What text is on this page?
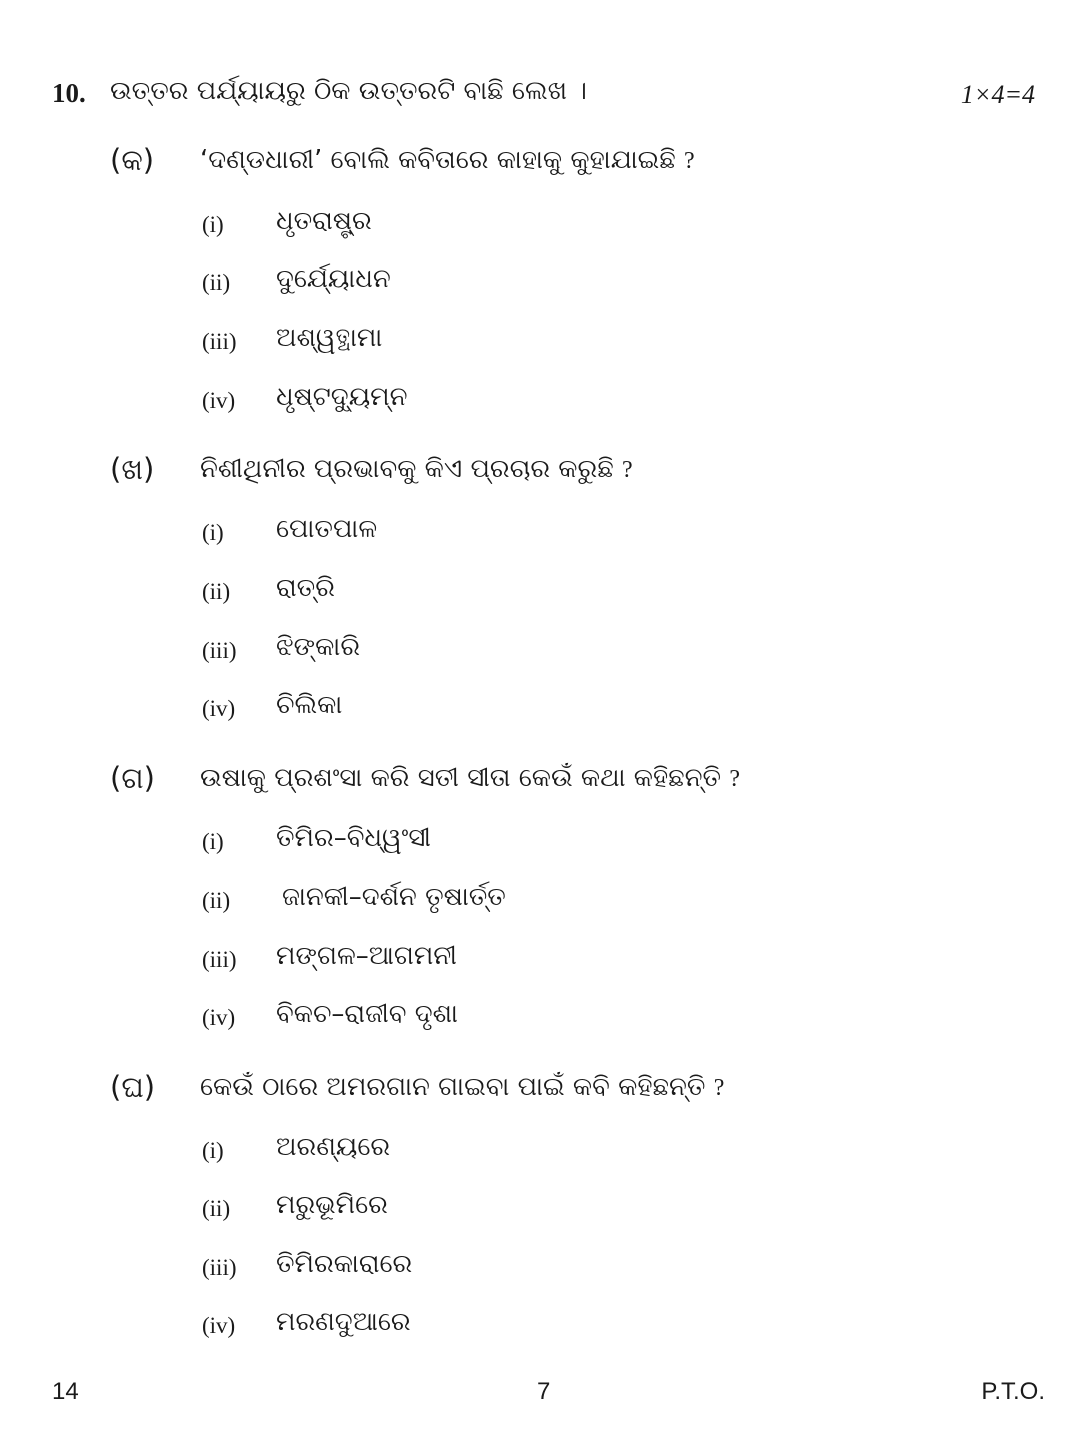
10. ଉତ୍ତର ପର୍ଯ୍ୟାୟରୁ ଠିକ ଉତ୍ତରଟି ବାଛି ଲେଖ ।	1×4=4
(କ) ‘ଦଣ୍ଡଧାରୀ’ ବୋଲି କବିତାରେ କାହାକୁ କୁହାଯାଇଛି ?
(i) ଧୃତରାଷ୍ଟ୍ର
(ii) ଦୁର୍ଯ୍ୟୋଧନ
(iii) ଅଶ୍ୱତ୍ଥାମା
(iv) ଧୃଷ୍ଟଦ୍ୟୁମ୍ନ
(ଖ) ନିଶୀଥିନୀର ପ୍ରଭାବକୁ କିଏ ପ୍ରଚାର କରୁଛି ?
(i) ପୋତପାଳ
(ii) ରାତ୍ରି
(iii) ଝିଙ୍କାରି
(iv) ଚିଲିକା
(ଗ) ଉଷାକୁ ପ୍ରଶଂସା କରି ସତୀ ସୀତା କେଉଁ କଥା କହିଛନ୍ତି ?
(i) ତିମିର–ବିଧ୍ୱଂସୀ
(ii) ଜାନକୀ–ଦର୍ଶନ ତୃଷାର୍ତ୍ତ
(iii) ମଙ୍ଗଳ–ଆଗମନୀ
(iv) ବିକଚ–ରାଜୀବ ଦୃଶା
(ଘ) କେଉଁ ଠାରେ ଅମରଗାନ ଗାଇବା ପାଇଁ କବି କହିଛନ୍ତି ?
(i) ଅରଣ୍ୟରେ
(ii) ମରୁଭୂମିରେ
(iii) ତିମିରକାରାରେ
(iv) ମରଣଦୁଆରେ
14	7	P.T.O.
